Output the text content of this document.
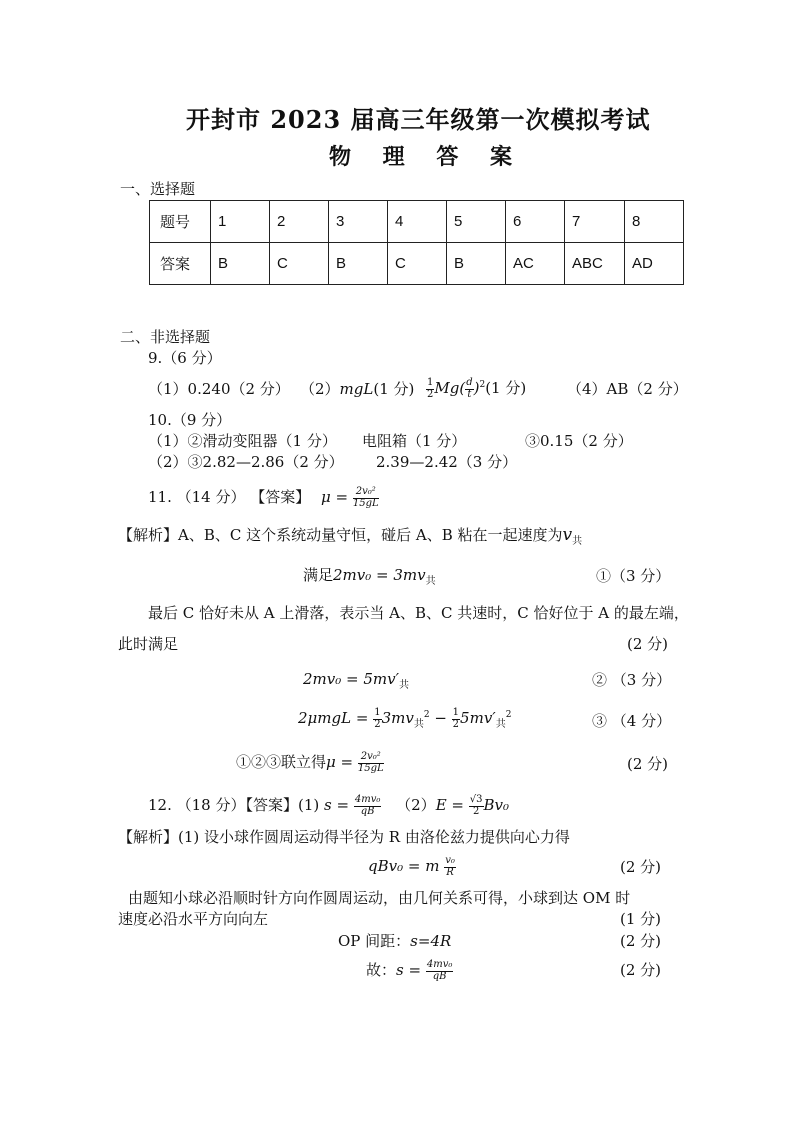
开封市 2023 届高三年级第一次模拟考试
物 理 答 案
一、选择题
题号	1	2	3	4	5	6	7	8
答案	B	C	B	C	B	AC	ABC	AD
二、非选择题
9.（6 分）
（1）0.240（2 分） （2）mgL(1 分) $\frac{1}{2} Mg( \frac{d}{t} )^2(1$ 分)	（4）AB（2 分）
10.（9 分）
（1）②滑动变阻器（1 分） 电阻箱（1 分）	③0.15（2 分）
（2）③2.82—2.86（2 分） 2.39—2.42（3 分）
11. （14 分） 【答案】 $\mu = \frac{\text{2v₀²}}{15gL}$
【解析】A、B、C 这个系统动量守恒，碰后 A、B 粘在一起速度为$v_共$
满足$2mv_0 = 3mv_共$	①（3 分）
最后 C 恰好未从 A 上滑落，表示当 A、B、C 共速时，C 恰好位于 A 的最左端，
此时满足	(2 分)
$2mv_0 = 5mv'_共$	② （3 分）
$2\mu mgL = \frac{1}{2} 3mv_共^2 - \frac{1}{2} 5mv'_共^2$	③ （4 分）
①②③联立得$\mu = \frac{\text{2v₀²}}{15gL}$	(2 分)
12. （18 分）【答案】(1) $s = \frac{\text{4mv₀}}{qB} (2)E = \frac{√3}{2} Bv_0$
【解析】(1) 设小球作圆周运动得半径为 R 由洛伦兹力提供向心力得
qBv₀ = m $\frac{\text{v₀}}{R}$	(2 分)
由题知小球必沿顺时针方向作圆周运动，由几何关系可得，小球到达 OM 时
速度必沿水平方向向左	(1 分)
OP 间距：s=4R	(2 分)
故：$s = \frac{\text{4mv₀}}{qB}$	(2 分)
